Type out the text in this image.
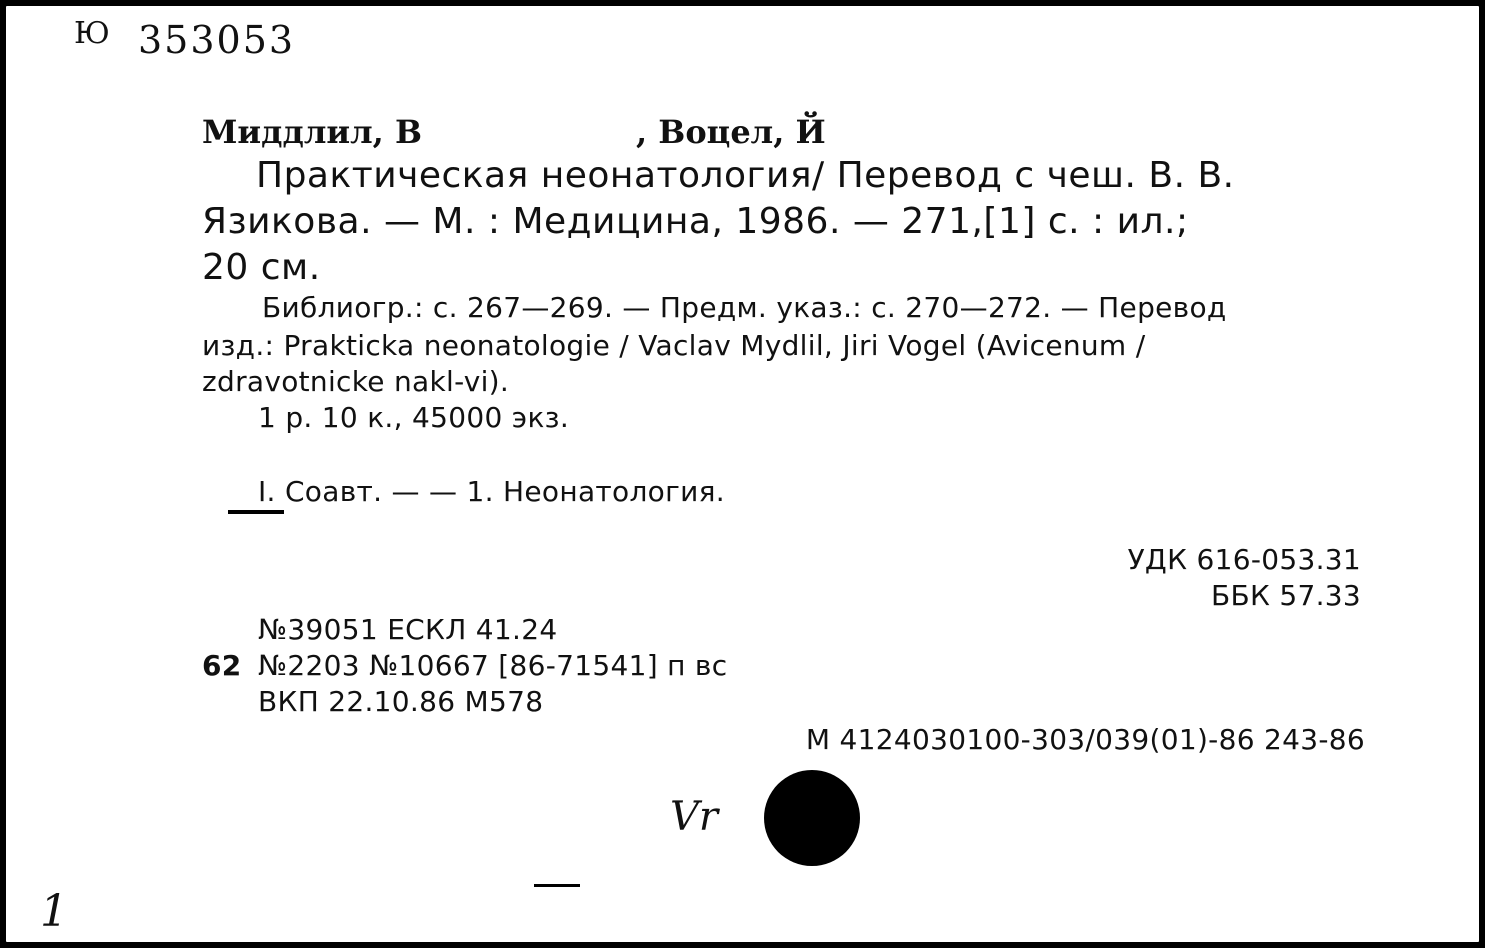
Ю 353053
Миддлил, В	, Воцел, Й
Практическая неонатология/ Перевод с чеш. В. В.
Язикова. — М. : Медицина, 1986. — 271,[1] с. : ил.;
20 см.
Библиогр.: с. 267—269. — Предм. указ.: с. 270—272. — Перевод
изд.: Prakticka neonatologie / Vaclav Mydlil, Jiri Vogel (Avicenum /
zdravotnicke nakl-vi).
1 р. 10 к., 45000 экз.
I. Соавт. — — 1. Неонатология.
УДК 616-053.31
ББК 57.33
№39051 ЕСКЛ 41.24
62 №2203 №10667 [86-71541] п вс
ВКП 22.10.86 М578
М 4124030100-303/039(01)-86 243-86
Vr
1
